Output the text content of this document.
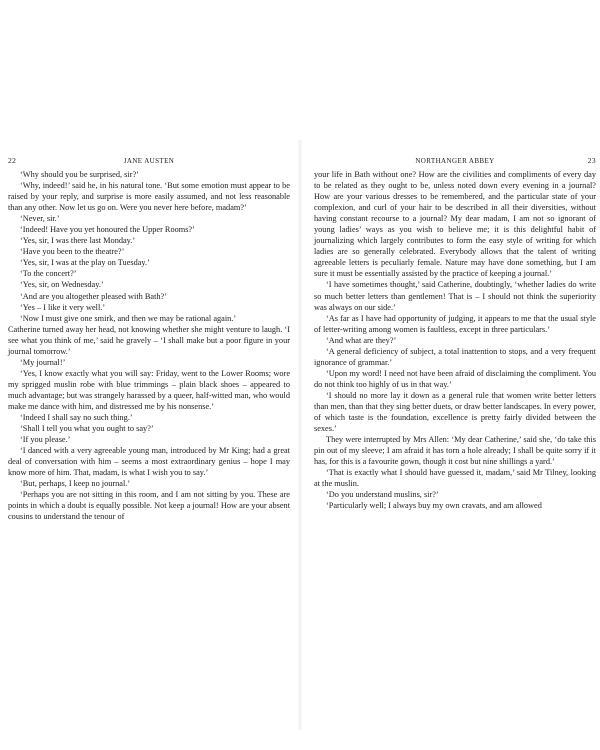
22	JANE AUSTEN

‘Why should you be surprised, sir?’

‘Why, indeed!’ said he, in his natural tone. ‘But some emotion must appear to be raised by your reply, and surprise is more easily assumed, and not less reasonable than any other. Now let us go on. Were you never here before, madam?’

‘Never, sir.’

‘Indeed! Have you yet honoured the Upper Rooms?’

‘Yes, sir, I was there last Monday.’

‘Have you been to the theatre?’

‘Yes, sir, I was at the play on Tuesday.’

‘To the concert?’

‘Yes, sir, on Wednesday.’

‘And are you altogether pleased with Bath?’

‘Yes – I like it very well.’

‘Now I must give one smirk, and then we may be rational again.’

Catherine turned away her head, not knowing whether she might venture to laugh. ‘I see what you think of me,’ said he gravely – ‘I shall make but a poor figure in your journal tomorrow.’

‘My journal!’

‘Yes, I know exactly what you will say: Friday, went to the Lower Rooms; wore my sprigged muslin robe with blue trimmings – plain black shoes – appeared to much advantage; but was strangely harassed by a queer, half-witted man, who would make me dance with him, and distressed me by his nonsense.’

‘Indeed I shall say no such thing.’

‘Shall I tell you what you ought to say?’

‘If you please.’

‘I danced with a very agreeable young man, introduced by Mr King; had a great deal of conversation with him – seems a most extraordinary genius – hope I may know more of him. That, madam, is what I wish you to say.’

‘But, perhaps, I keep no journal.’

‘Perhaps you are not sitting in this room, and I am not sitting by you. These are points in which a doubt is equally possible. Not keep a journal! How are your absent cousins to understand the tenour of

NORTHANGER ABBEY	23

your life in Bath without one? How are the civilities and compliments of every day to be related as they ought to be, unless noted down every evening in a journal? How are your various dresses to be remembered, and the particular state of your complexion, and curl of your hair to be described in all their diversities, without having constant recourse to a journal? My dear madam, I am not so ignorant of young ladies’ ways as you wish to believe me; it is this delightful habit of journalizing which largely contributes to form the easy style of writing for which ladies are so generally celebrated. Everybody allows that the talent of writing agreeable letters is peculiarly female. Nature may have done something, but I am sure it must be essentially assisted by the practice of keeping a journal.’

‘I have sometimes thought,’ said Catherine, doubtingly, ‘whether ladies do write so much better letters than gentlemen! That is – I should not think the superiority was always on our side.’

‘As far as I have had opportunity of judging, it appears to me that the usual style of letter-writing among women is faultless, except in three particulars.’

‘And what are they?’

‘A general deficiency of subject, a total inattention to stops, and a very frequent ignorance of grammar.’

‘Upon my word! I need not have been afraid of disclaiming the compliment. You do not think too highly of us in that way.’

‘I should no more lay it down as a general rule that women write better letters than men, than that they sing better duets, or draw better landscapes. In every power, of which taste is the foundation, excellence is pretty fairly divided between the sexes.’

They were interrupted by Mrs Allen: ‘My dear Catherine,’ said she, ‘do take this pin out of my sleeve; I am afraid it has torn a hole already; I shall be quite sorry if it has, for this is a favourite gown, though it cost but nine shillings a yard.’

‘That is exactly what I should have guessed it, madam,’ said Mr Tilney, looking at the muslin.

‘Do you understand muslins, sir?’

‘Particularly well; I always buy my own cravats, and am allowed
